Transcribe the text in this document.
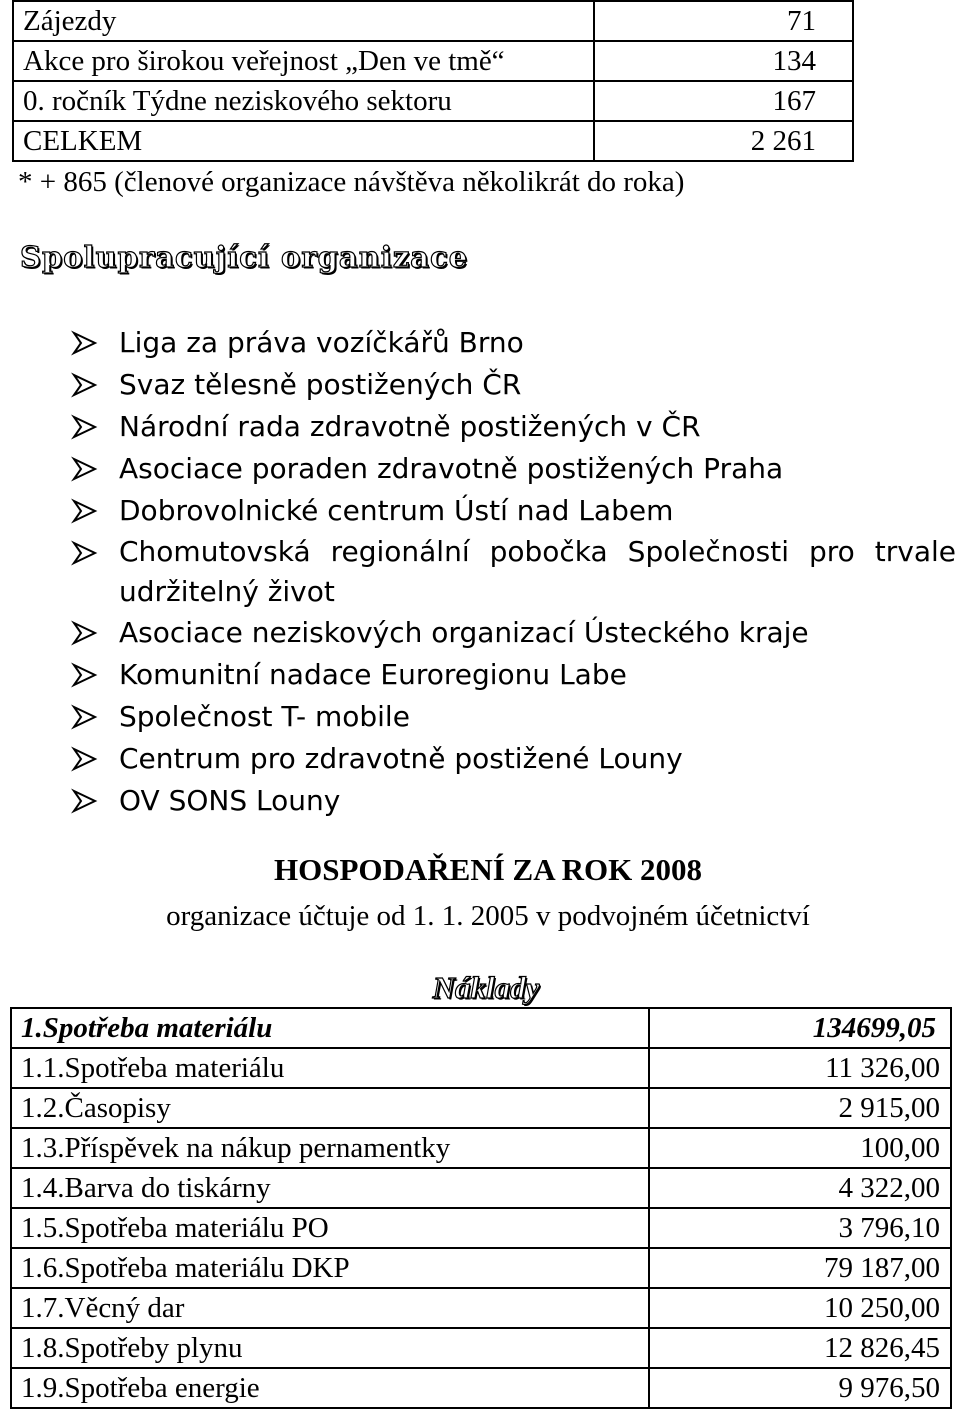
Zájezdy	71
Akce pro širokou veřejnost „Den ve tmě“	134
0. ročník Týdne neziskového sektoru	167
CELKEM	2 261
* + 865 (členové organizace návštěva několikrát do roka)
Spolupracující organizace
Liga za práva vozíčkářů Brno
Svaz tělesně postižených ČR
Národní rada zdravotně postižených v ČR
Asociace poraden zdravotně postižených Praha
Dobrovolnické centrum Ústí nad Labem
Chomutovská regionální pobočka Společnosti pro trvale udržitelný život
Asociace neziskových organizací Ústeckého kraje
Komunitní nadace Euroregionu Labe
Společnost T- mobile
Centrum pro zdravotně postižené Louny
OV SONS Louny
HOSPODAŘENÍ ZA ROK 2008
organizace účtuje od 1. 1. 2005 v podvojném účetnictví
Náklady
1.Spotřeba materiálu	134699,05
1.1.Spotřeba materiálu	11 326,00
1.2.Časopisy	2 915,00
1.3.Příspěvek na nákup pernamentky	100,00
1.4.Barva do tiskárny	4 322,00
1.5.Spotřeba materiálu PO	3 796,10
1.6.Spotřeba materiálu DKP	79 187,00
1.7.Věcný dar	10 250,00
1.8.Spotřeby plynu	12 826,45
1.9.Spotřeba energie	9 976,50
